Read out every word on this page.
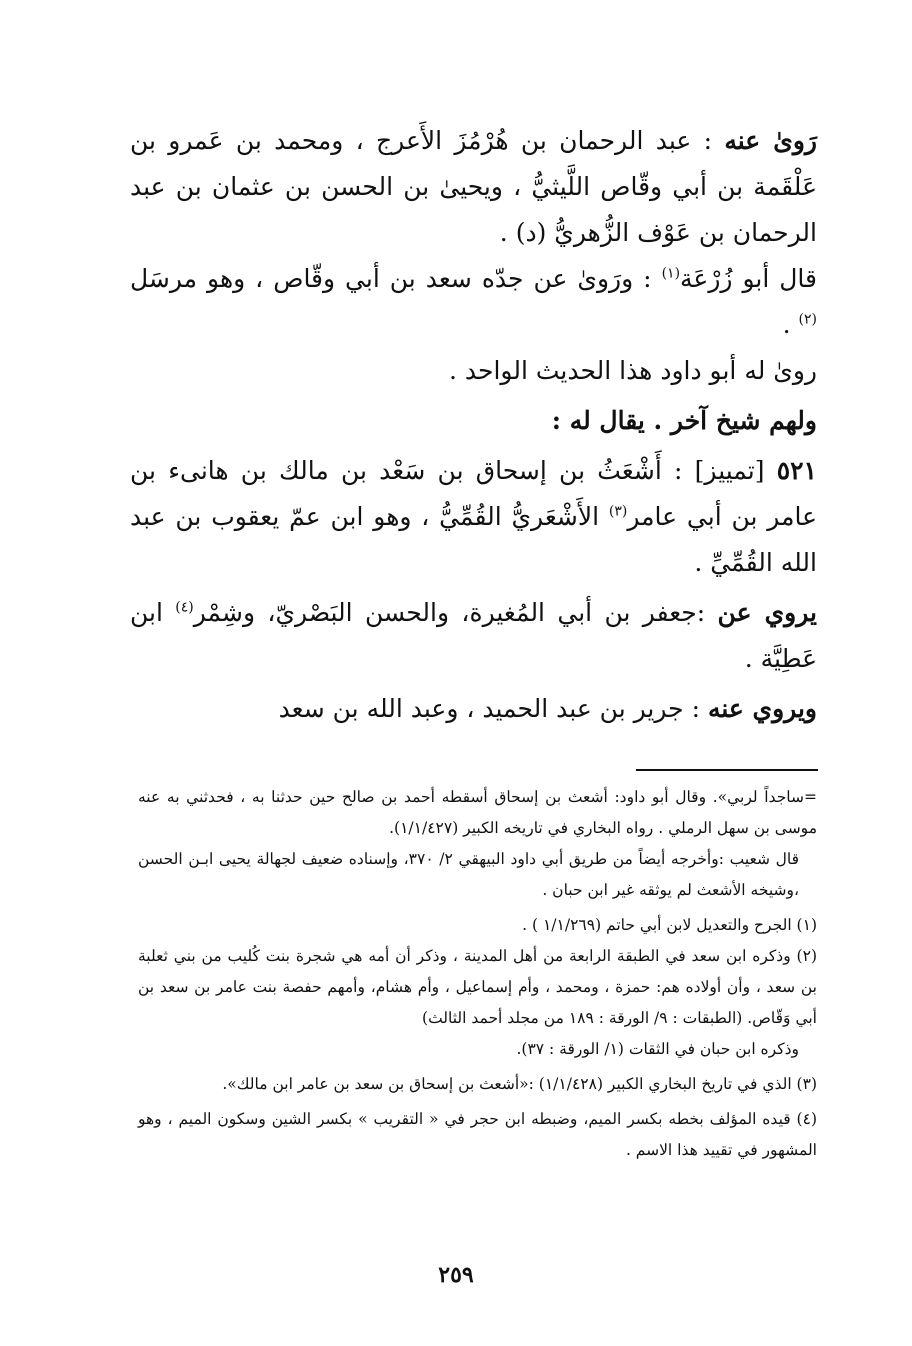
رَوىٰ عنه : عبد الرحمان بن هُرْمُزَ الأَعرج ، ومحمد بن عَمرو بن عَلْقَمة بن أبي وقّاص اللَّيثيُّ ، ويحيىٰ بن الحسن بن عثمان بن عبد الرحمان بن عَوْف الزُّهريُّ (د) .

قال أبو زُرْعَة$^{(١)}$ : ورَوىٰ عن جدّه سعد بن أبي وقّاص ، وهو مرسَل $^{(٢)}$ .

روىٰ له أبو داود هذا الحديث الواحد .

ولهم شيخ آخر . يقال له :

٥٢١ [تمييز] : أَشْعَثُ بن إسحاق بن سَعْد بن مالك بن هانىء بن عامر بن أبي عامر$^{(٣)}$ الأَشْعَريُّ القُمِّيُّ ، وهو ابن عمّ يعقوب بن عبد الله القُمِّيِّ .

يروي عن :جعفر بن أبي المُغيرة، والحسن البَصْريّ، وشِمْر$^{(٤)}$ ابن عَطِيَّة .

ويروي عنه : جرير بن عبد الحميد ، وعبد الله بن سعد

=ساجداً لربي». وقال أبو داود: أشعث بن إسحاق أسقطه أحمد بن صالح حين حدثنا به ، فحدثني به عنه موسى بن سهل الرملي . رواه البخاري في تاريخه الكبير (١/١/٤٢٧).

قال شعيب :وأخرجه أيضاً من طريق أبي داود البيهقي ٢/ ٣٧٠، وإسناده ضعيف لجهالة يحيى ابـن الحسن ،وشيخه الأشعث لم يوثقه غير ابن حبان .

(١) الجرح والتعديل لابن أبي حاتم (١/١/٢٦٩ ) .

(٢) وذكره ابن سعد في الطبقة الرابعة من أهل المدينة ، وذكر أن أمه هي شجرة بنت كُليب من بني ثعلبة بن سعد ، وأن أولاده هم: حمزة ، ومحمد ، وأم إسماعيل ، وأم هشام، وأمهم حفصة بنت عامر بن سعد بن أبي وَقّاص. (الطبقات : ٩/ الورقة : ١٨٩ من مجلد أحمد الثالث)

وذكره ابن حبان في الثقات (١/ الورقة : ٣٧).

(٣) الذي في تاريخ البخاري الكبير (١/١/٤٢٨) :«أشعث بن إسحاق بن سعد بن عامر ابن مالك».

(٤) قيده المؤلف بخطه بكسر الميم، وضبطه ابن حجر في « التقريب » بكسر الشين وسكون الميم ، وهو المشهور في تقييد هذا الاسم .

٢٥٩
